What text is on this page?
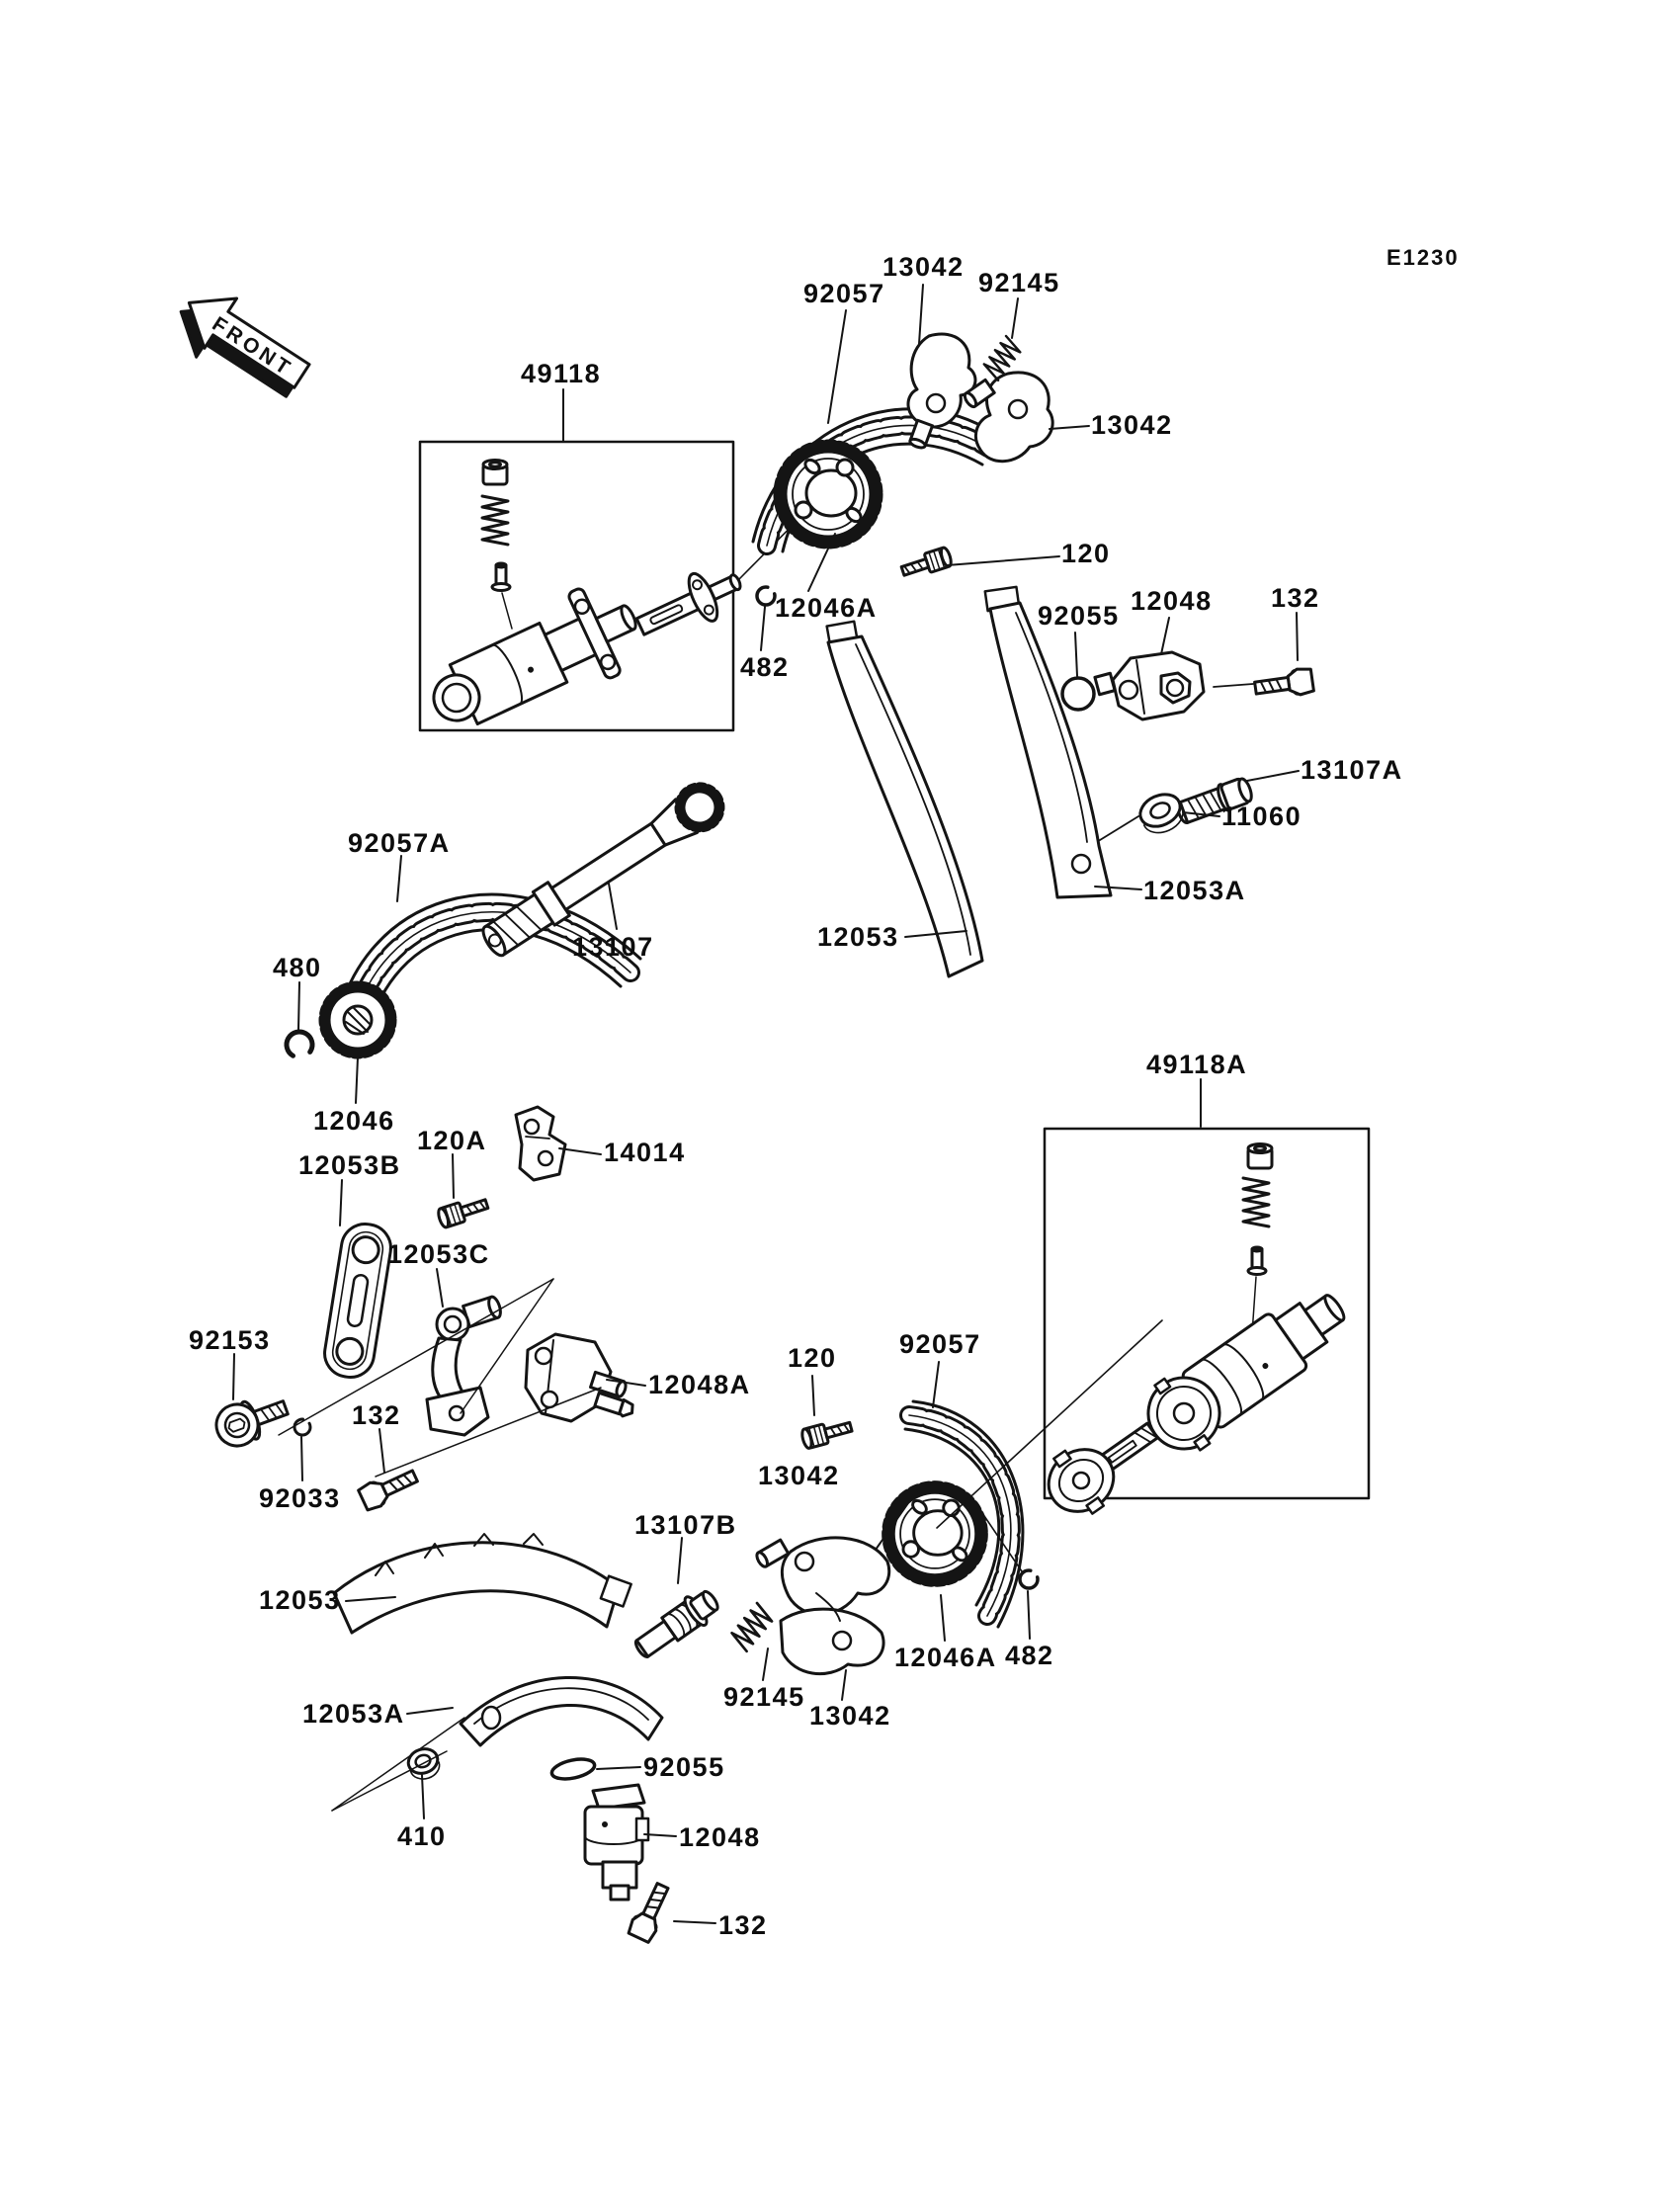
FRONT
92057
13042
92145
13042
49118
120
12046A
482
92055 12048 132
13107A
11060
12053A
12053
92057A
13107
480
12046
120A	14014
12053B
12053C
92153
132
92033
12048A
12053
13107B
12053A
410
92145
13042
13042
92055
12048
132
92057
12046A 482
120
49118A
E1230
